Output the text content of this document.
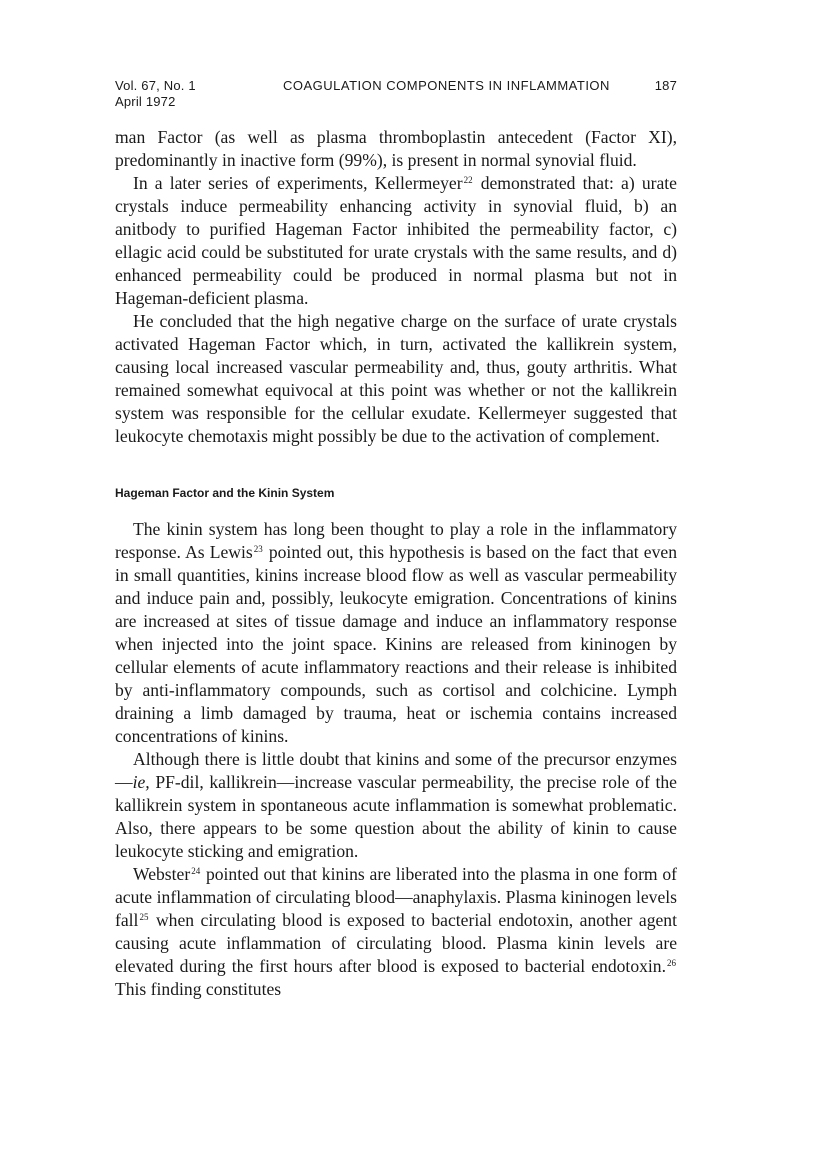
Vol. 67, No. 1
April 1972
COAGULATION COMPONENTS IN INFLAMMATION	187

man Factor (as well as plasma thromboplastin antecedent (Factor XI), predominantly in inactive form (99%), is present in normal synovial fluid.

In a later series of experiments, Kellermeyer$^{22}$ demonstrated that: a) urate crystals induce permeability enhancing activity in synovial fluid, b) an anitbody to purified Hageman Factor inhibited the permeability factor, c) ellagic acid could be substituted for urate crystals with the same results, and d) enhanced permeability could be produced in normal plasma but not in Hageman-deficient plasma.

He concluded that the high negative charge on the surface of urate crystals activated Hageman Factor which, in turn, activated the kallikrein system, causing local increased vascular permeability and, thus, gouty arthritis. What remained somewhat equivocal at this point was whether or not the kallikrein system was responsible for the cellular exudate. Kellermeyer suggested that leukocyte chemotaxis might possibly be due to the activation of complement.

Hageman Factor and the Kinin System

The kinin system has long been thought to play a role in the inflammatory response. As Lewis$^{23}$ pointed out, this hypothesis is based on the fact that even in small quantities, kinins increase blood flow as well as vascular permeability and induce pain and, possibly, leukocyte emigration. Concentrations of kinins are increased at sites of tissue damage and induce an inflammatory response when injected into the joint space. Kinins are released from kininogen by cellular elements of acute inflammatory reactions and their release is inhibited by anti-inflammatory compounds, such as cortisol and colchicine. Lymph draining a limb damaged by trauma, heat or ischemia contains increased concentrations of kinins.

Although there is little doubt that kinins and some of the precursor enzymes—ie, PF-dil, kallikrein—increase vascular permeability, the precise role of the kallikrein system in spontaneous acute inflammation is somewhat problematic. Also, there appears to be some question about the ability of kinin to cause leukocyte sticking and emigration.

Webster$^{24}$ pointed out that kinins are liberated into the plasma in one form of acute inflammation of circulating blood—anaphylaxis. Plasma kininogen levels fall$^{25}$ when circulating blood is exposed to bacterial endotoxin, another agent causing acute inflammation of circulating blood. Plasma kinin levels are elevated during the first hours after blood is exposed to bacterial endotoxin.$^{26}$ This finding constitutes
